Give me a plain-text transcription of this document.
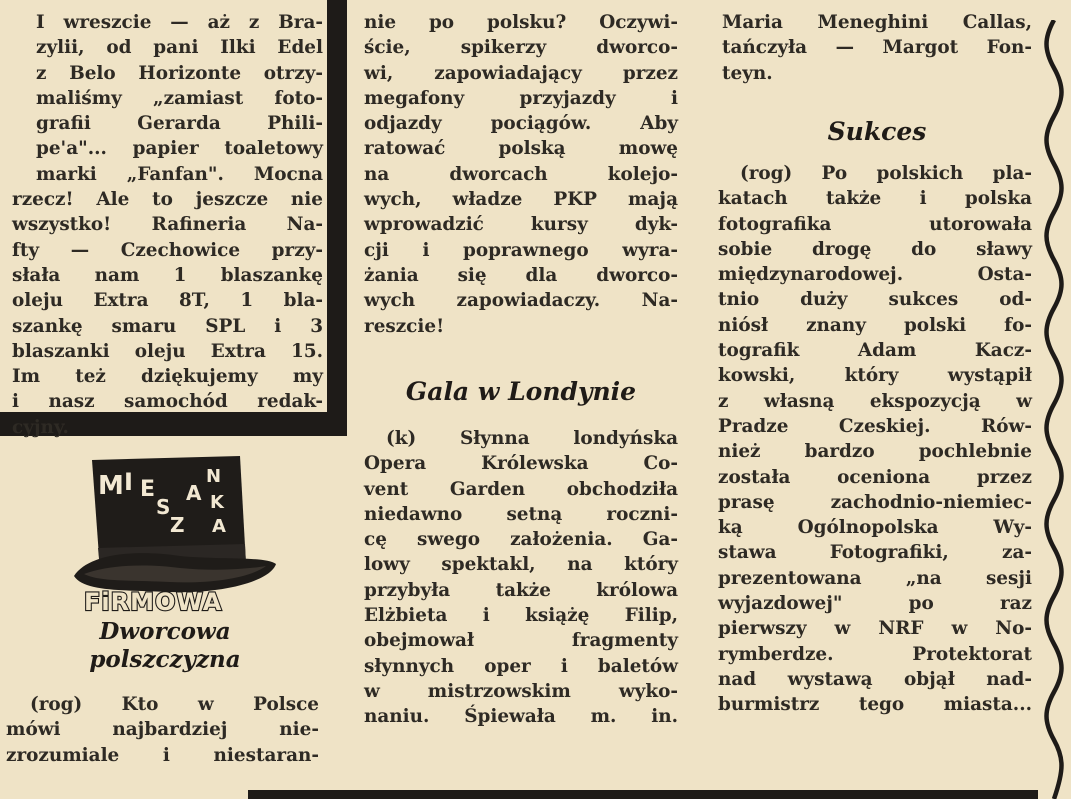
I wreszcie — aż z Bra-
zylii, od pani Ilki Edel
z Belo Horizonte otrzy-
maliśmy „zamiast foto-
grafii Gerarda Phili-
pe'a"... papier toaletowy
marki „Fanfan". Mocna
rzecz! Ale to jeszcze nie
wszystko! Rafineria Na-
fty — Czechowice przy-
słała nam 1 blaszankę
oleju Extra 8T, 1 bla-
szankę smaru SPL i 3
blaszanki oleju Extra 15.
Im też dziękujemy my
i nasz samochód redak-
cyjny.

M I E
S
Z
A
N
K
A
FiRMOWA
Dworcowa
polszczyzna

(rog) Kto w Polsce
mówi najbardziej nie-
zrozumiale i niestaran-

nie po polsku? Oczywi-
ście, spikerzy dworco-
wi, zapowiadający przez
megafony przyjazdy i
odjazdy pociągów. Aby
ratować polską mowę
na dworcach kolejo-
wych, władze PKP mają
wprowadzić kursy dyk-
cji i poprawnego wyra-
żania się dla dworco-
wych zapowiadaczy. Na-
reszcie!

Gala w Londynie

(k) Słynna londyńska
Opera Królewska Co-
vent Garden obchodziła
niedawno setną roczni-
cę swego założenia. Ga-
lowy spektakl, na który
przybyła także królowa
Elżbieta i książę Filip,
obejmował fragmenty
słynnych oper i baletów
w mistrzowskim wyko-
naniu. Śpiewała m. in.

Maria Meneghini Callas,
tańczyła — Margot Fon-
teyn.

Sukces

(rog) Po polskich pla-
katach także i polska
fotografika utorowała
sobie drogę do sławy
międzynarodowej. Osta-
tnio duży sukces od-
niósł znany polski fo-
tografik Adam Kacz-
kowski, który wystąpił
z własną ekspozycją w
Pradze Czeskiej. Rów-
nież bardzo pochlebnie
została oceniona przez
prasę zachodnio-niemiec-
ką Ogólnopolska Wy-
stawa Fotografiki, za-
prezentowana „na sesji
wyjazdowej" po raz
pierwszy w NRF w No-
rymberdze. Protektorat
nad wystawą objął nad-
burmistrz tego miasta...
